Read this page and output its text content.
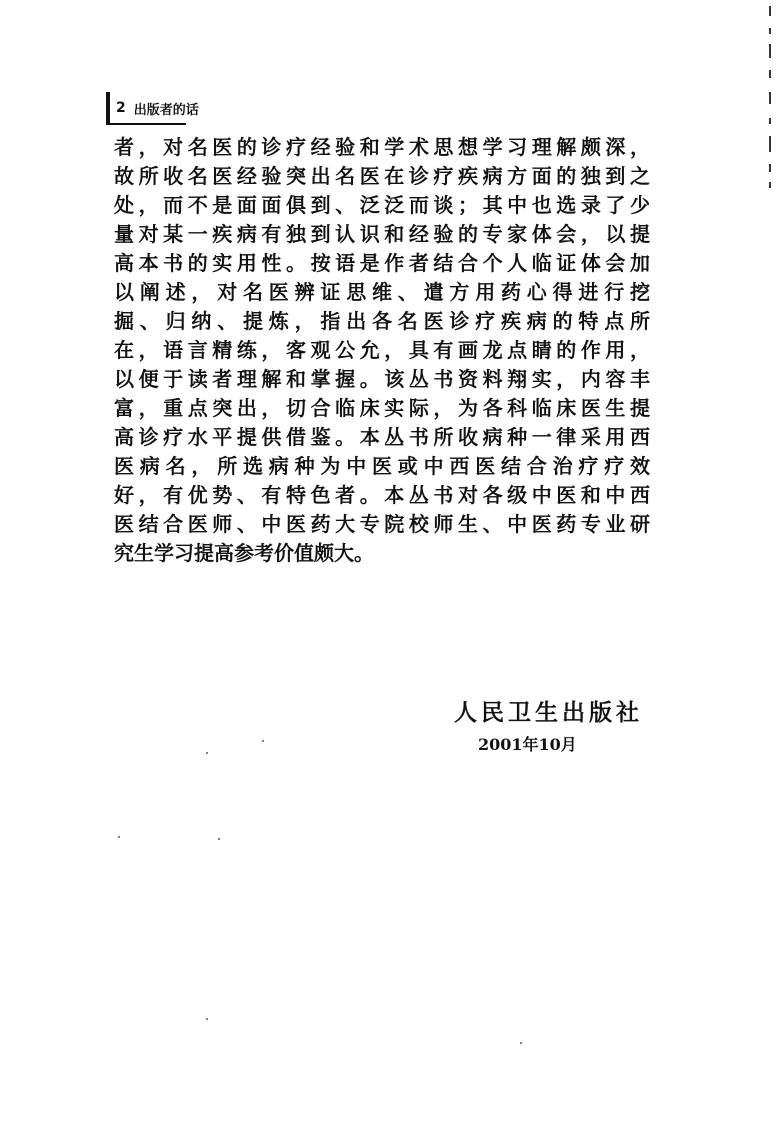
2 出版者的话
者，对名医的诊疗经验和学术思想学习理解颇深，
故所收名医经验突出名医在诊疗疾病方面的独到之
处，而不是面面俱到、泛泛而谈；其中也选录了少
量对某一疾病有独到认识和经验的专家体会，以提
高本书的实用性。按语是作者结合个人临证体会加
以阐述，对名医辨证思维、遣方用药心得进行挖
掘、归纳、提炼，指出各名医诊疗疾病的特点所
在，语言精练，客观公允，具有画龙点睛的作用，
以便于读者理解和掌握。该丛书资料翔实，内容丰
富，重点突出，切合临床实际，为各科临床医生提
高诊疗水平提供借鉴。本丛书所收病种一律采用西
医病名，所选病种为中医或中西医结合治疗疗效
好，有优势、有特色者。本丛书对各级中医和中西
医结合医师、中医药大专院校师生、中医药专业研
究生学习提高参考价值颇大。
人民卫生出版社
2001年10月
